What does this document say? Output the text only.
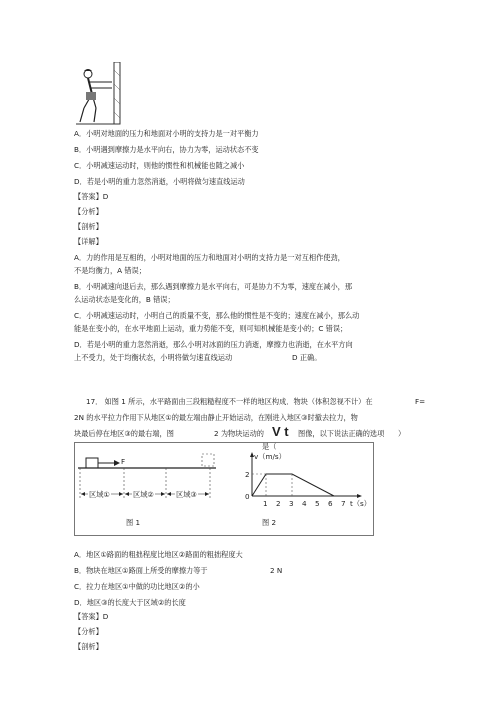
A．小明对地面的压力和地面对小明的支持力是一对平衡力
B．小明遇到摩擦力是水平向右，协力为零，运动状态不变
C．小明减速运动时，则他的惯性和机械能也随之减小
D．若是小明的重力忽然消逝，小明将做匀速直线运动
【答案】D
【分析】
【剖析】
【详解】
A．力的作用是互相的，小明对地面的压力和地面对小明的支持力是一对互相作使劲，
不是均衡力，A 错误；
B．小明减速向退后去，那么遇到摩擦力是水平向右，可是协力不为零，速度在减小，那
么运动状态是变化的，B 错误；
C．小明减速运动时，小明自己的质量不变，那么他的惯性是不变的；速度在减小，那么动
能是在变小的，在水平地面上运动，重力势能不变，则可知机械能是变小的；C 错误；
D．若是小明的重力忽然消逝，那么小明对冰面的压力消逝，摩擦力也消逝，在水平方向
上不受力，处于均衡状态，小明将做匀速直线运动	D 正确。
17． 如图 1 所示，水平路面由三段粗糙程度不一样的地区构成．物块（体积忽视不计）在	F=
2N 的水平拉力作用下从地区①的最左端由静止开始运动，在刚进入地区③时撤去拉力，物
块最后停在地区③的最右端，图	2 为物块运动的 V t 图像，以下说法正确的选项 ）
F
区域①	区域②	区域③
图 1
是（
v（m/s）
2
0
1 2 3 4 5 6 7 t（s）
图 2
A．地区①路面的粗拙程度比地区②路面的粗拙程度大
B．物块在地区①路面上所受的摩擦力等于	2 N
C．拉力在地区①中做的功比地区②的小
D．地区③的长度大于区域②的长度
【答案】D
【分析】
【剖析】
